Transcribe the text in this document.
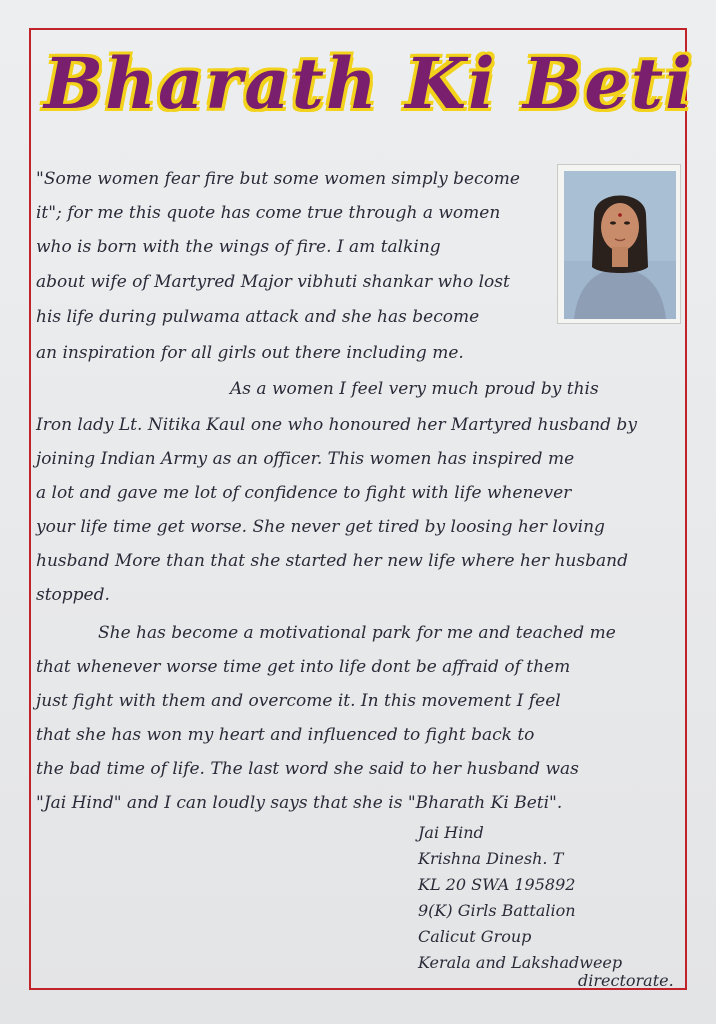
Bharath Ki Beti
"Some women fear fire but some women simply become
it"; for me this quote has come true through a women
who is born with the wings of fire. I am talking
about wife of Martyred Major vibhuti shankar who lost
his life during pulwama attack and she has become
an inspiration for all girls out there including me.
As a women I feel very much proud by this
Iron lady Lt. Nitika Kaul one who honoured her Martyred husband by
joining Indian Army as an officer. This women has inspired me
a lot and gave me lot of confidence to fight with life whenever
your life time get worse. She never get tired by loosing her loving
husband More than that she started her new life where her husband
stopped.
She has become a motivational park for me and teached me
that whenever worse time get into life dont be affraid of them
just fight with them and overcome it. In this movement I feel
that she has won my heart and influenced to fight back to
the bad time of life. The last word she said to her husband was
"Jai Hind" and I can loudly says that she is "Bharath Ki Beti".
Jai Hind
Krishna Dinesh. T
KL 20 SWA 195892
9(K) Girls Battalion
Calicut Group
Kerala and Lakshadweep
directorate.
